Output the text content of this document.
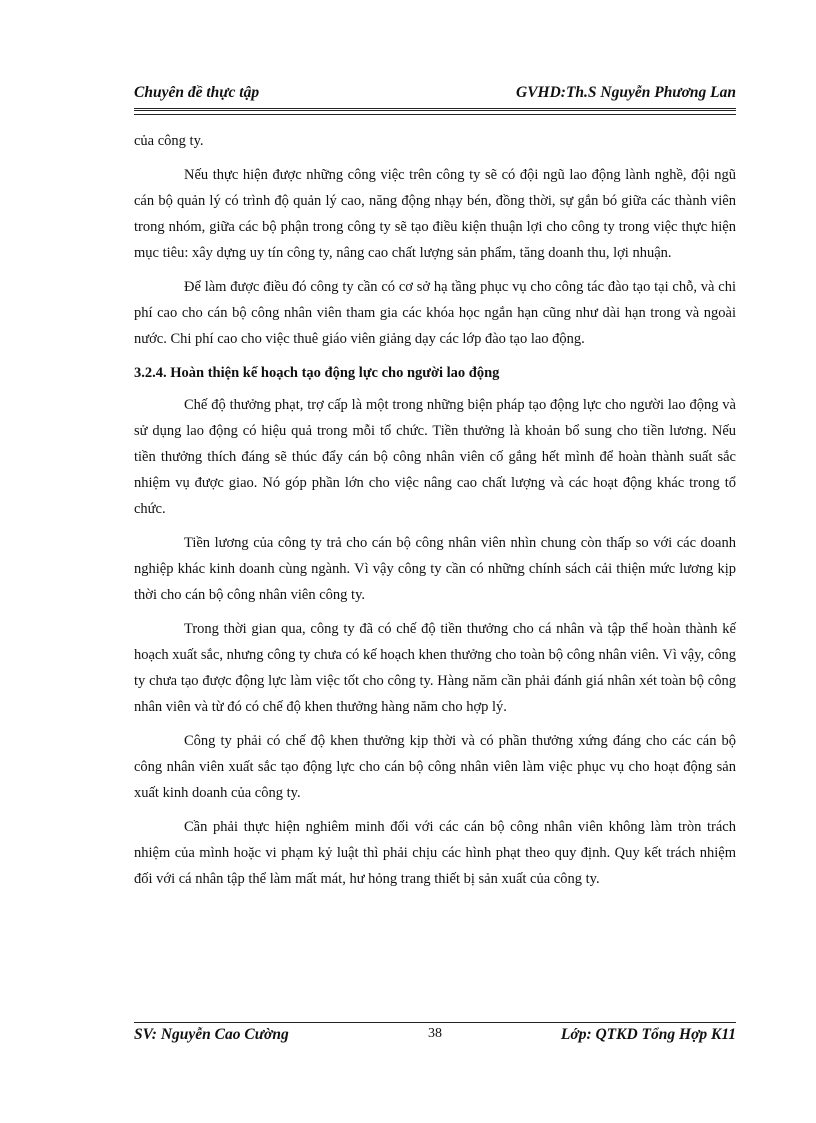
Chuyên đề thực tập	GVHD:Th.S Nguyễn Phương Lan

của công ty.

Nếu thực hiện được những công việc trên công ty sẽ có đội ngũ lao động lành nghề, đội ngũ cán bộ quản lý có trình độ quản lý cao, năng động nhạy bén, đồng thời, sự gắn bó giữa các thành viên trong nhóm, giữa các bộ phận trong công ty sẽ tạo điều kiện thuận lợi cho công ty trong việc thực hiện mục tiêu: xây dựng uy tín công ty, nâng cao chất lượng sản phẩm, tăng doanh thu, lợi nhuận.

Để làm được điều đó công ty cần có cơ sở hạ tầng phục vụ cho công tác đào tạo tại chỗ, và chi phí cao cho cán bộ công nhân viên tham gia các khóa học ngắn hạn cũng như dài hạn trong và ngoài nước. Chi phí cao cho việc thuê giáo viên giảng dạy các lớp đào tạo lao động.

3.2.4. Hoàn thiện kế hoạch tạo động lực cho người lao động

Chế độ thưởng phạt, trợ cấp là một trong những biện pháp tạo động lực cho người lao động và sử dụng lao động có hiệu quả trong mỗi tổ chức. Tiền thưởng là khoản bổ sung cho tiền lương. Nếu tiền thưởng thích đáng sẽ thúc đẩy cán bộ công nhân viên cố gắng hết mình để hoàn thành suất sắc nhiệm vụ được giao. Nó góp phần lớn cho việc nâng cao chất lượng và các hoạt động khác trong tổ chức.

Tiền lương của công ty trả cho cán bộ công nhân viên nhìn chung còn thấp so với các doanh nghiệp khác kinh doanh cùng ngành. Vì vậy công ty cần có những chính sách cải thiện mức lương kịp thời cho cán bộ công nhân viên công ty.

Trong thời gian qua, công ty đã có chế độ tiền thưởng cho cá nhân và tập thể hoàn thành kế hoạch xuất sắc, nhưng công ty chưa có kế hoạch khen thưởng cho toàn bộ công nhân viên. Vì vậy, công ty chưa tạo được động lực làm việc tốt cho công ty. Hàng năm cần phải đánh giá nhân xét toàn bộ công nhân viên và từ đó có chế độ khen thưởng hàng năm cho hợp lý.

Công ty phải có chế độ khen thưởng kịp thời và có phần thưởng xứng đáng cho các cán bộ công nhân viên xuất sắc tạo động lực cho cán bộ công nhân viên làm việc phục vụ cho hoạt động sản xuất kinh doanh của công ty.

Cần phải thực hiện nghiêm minh đối với các cán bộ công nhân viên không làm tròn trách nhiệm của mình hoặc vi phạm kỷ luật thì phải chịu các hình phạt theo quy định. Quy kết trách nhiệm đối với cá nhân tập thể làm mất mát, hư hỏng trang thiết bị sản xuất của công ty.

SV: Nguyễn Cao Cường	38	Lớp: QTKD Tổng Hợp K11
